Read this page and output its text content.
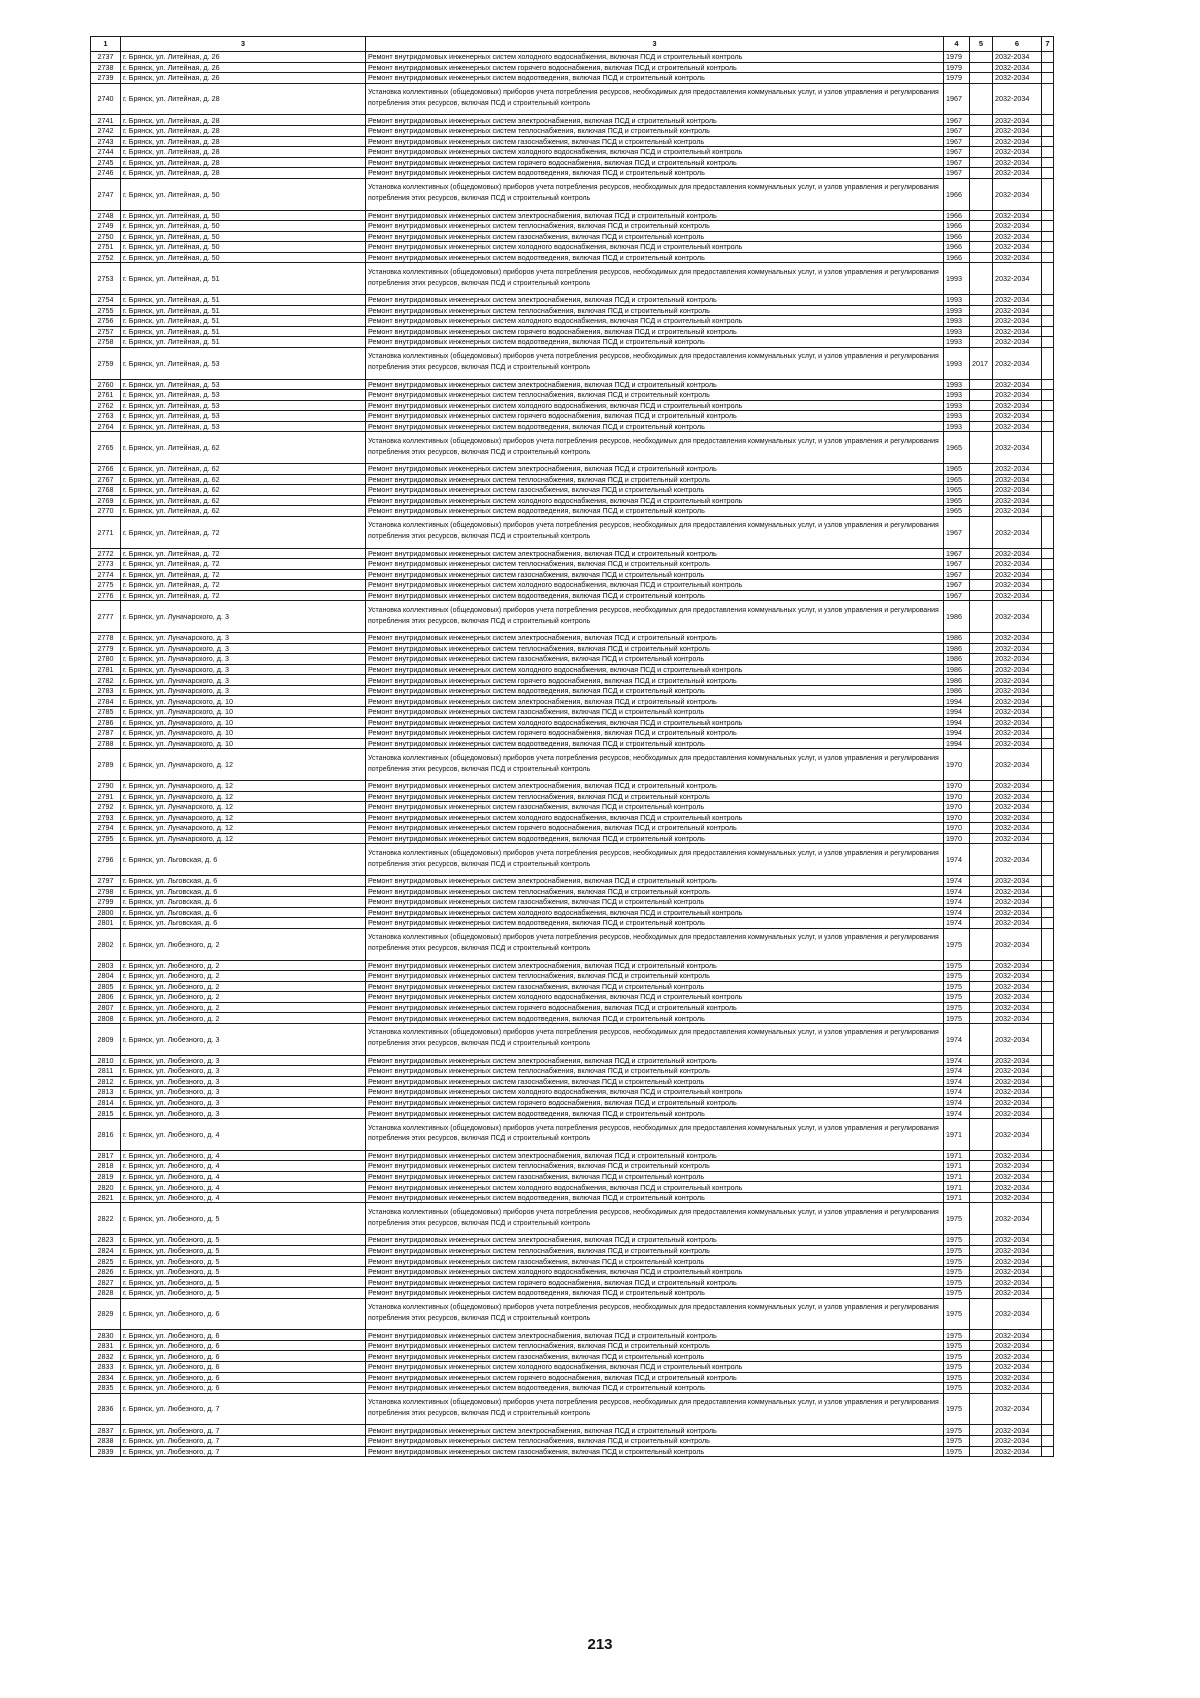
1	3	3	4	5	6	7	
2737	г. Брянск, ул. Литейная, д. 26	Ремонт внутридомовых инженерных систем холодного водоснабжения, включая ПСД и строительный контроль	1979		2032-2034		
2738	г. Брянск, ул. Литейная, д. 26	Ремонт внутридомовых инженерных систем горячего водоснабжения, включая ПСД и строительный контроль	1979		2032-2034		
2739	г. Брянск, ул. Литейная, д. 26	Ремонт внутридомовых инженерных систем водоотведения, включая ПСД и строительный контроль	1979		2032-2034		
2740	г. Брянск, ул. Литейная, д. 28	Установка коллективных (общедомовых) приборов учета потребления ресурсов, необходимых для предоставления коммунальных услуг, и узлов управления и регулирования потребления этих ресурсов, включая ПСД и строительный контроль	1967		2032-2034		
2741	г. Брянск, ул. Литейная, д. 28	Ремонт внутридомовых инженерных систем электроснабжения, включая ПСД и строительный контроль	1967		2032-2034		
2742	г. Брянск, ул. Литейная, д. 28	Ремонт внутридомовых инженерных систем теплоснабжения, включая ПСД и строительный контроль	1967		2032-2034		
2743	г. Брянск, ул. Литейная, д. 28	Ремонт внутридомовых инженерных систем газоснабжения, включая ПСД и строительный контроль	1967		2032-2034		
2744	г. Брянск, ул. Литейная, д. 28	Ремонт внутридомовых инженерных систем холодного водоснабжения, включая ПСД и строительный контроль	1967		2032-2034		
2745	г. Брянск, ул. Литейная, д. 28	Ремонт внутридомовых инженерных систем горячего водоснабжения, включая ПСД и строительный контроль	1967		2032-2034		
2746	г. Брянск, ул. Литейная, д. 28	Ремонт внутридомовых инженерных систем водоотведения, включая ПСД и строительный контроль	1967		2032-2034		
2747	г. Брянск, ул. Литейная, д. 50	Установка коллективных (общедомовых) приборов учета потребления ресурсов, необходимых для предоставления коммунальных услуг, и узлов управления и регулирования потребления этих ресурсов, включая ПСД и строительный контроль	1966		2032-2034		
2748	г. Брянск, ул. Литейная, д. 50	Ремонт внутридомовых инженерных систем электроснабжения, включая ПСД и строительный контроль	1966		2032-2034		
2749	г. Брянск, ул. Литейная, д. 50	Ремонт внутридомовых инженерных систем теплоснабжения, включая ПСД и строительный контроль	1966		2032-2034		
2750	г. Брянск, ул. Литейная, д. 50	Ремонт внутридомовых инженерных систем газоснабжения, включая ПСД и строительный контроль	1966		2032-2034		
2751	г. Брянск, ул. Литейная, д. 50	Ремонт внутридомовых инженерных систем холодного водоснабжения, включая ПСД и строительный контроль	1966		2032-2034		
2752	г. Брянск, ул. Литейная, д. 50	Ремонт внутридомовых инженерных систем водоотведения, включая ПСД и строительный контроль	1966		2032-2034		
2753	г. Брянск, ул. Литейная, д. 51	Установка коллективных (общедомовых) приборов учета потребления ресурсов, необходимых для предоставления коммунальных услуг, и узлов управления и регулирования потребления этих ресурсов, включая ПСД и строительный контроль	1993		2032-2034		
2754	г. Брянск, ул. Литейная, д. 51	Ремонт внутридомовых инженерных систем электроснабжения, включая ПСД и строительный контроль	1993		2032-2034		
2755	г. Брянск, ул. Литейная, д. 51	Ремонт внутридомовых инженерных систем теплоснабжения, включая ПСД и строительный контроль	1993		2032-2034		
2756	г. Брянск, ул. Литейная, д. 51	Ремонт внутридомовых инженерных систем холодного водоснабжения, включая ПСД и строительный контроль	1993		2032-2034		
2757	г. Брянск, ул. Литейная, д. 51	Ремонт внутридомовых инженерных систем горячего водоснабжения, включая ПСД и строительный контроль	1993		2032-2034		
2758	г. Брянск, ул. Литейная, д. 51	Ремонт внутридомовых инженерных систем водоотведения, включая ПСД и строительный контроль	1993		2032-2034		
2759	г. Брянск, ул. Литейная, д. 53	Установка коллективных (общедомовых) приборов учета потребления ресурсов, необходимых для предоставления коммунальных услуг, и узлов управления и регулирования потребления этих ресурсов, включая ПСД и строительный контроль	1993	2017	2032-2034		
2760	г. Брянск, ул. Литейная, д. 53	Ремонт внутридомовых инженерных систем электроснабжения, включая ПСД и строительный контроль	1993		2032-2034		
2761	г. Брянск, ул. Литейная, д. 53	Ремонт внутридомовых инженерных систем теплоснабжения, включая ПСД и строительный контроль	1993		2032-2034		
2762	г. Брянск, ул. Литейная, д. 53	Ремонт внутридомовых инженерных систем холодного водоснабжения, включая ПСД и строительный контроль	1993		2032-2034		
2763	г. Брянск, ул. Литейная, д. 53	Ремонт внутридомовых инженерных систем горячего водоснабжения, включая ПСД и строительный контроль	1993		2032-2034		
2764	г. Брянск, ул. Литейная, д. 53	Ремонт внутридомовых инженерных систем водоотведения, включая ПСД и строительный контроль	1993		2032-2034		
2765	г. Брянск, ул. Литейная, д. 62	Установка коллективных (общедомовых) приборов учета потребления ресурсов, необходимых для предоставления коммунальных услуг, и узлов управления и регулирования потребления этих ресурсов, включая ПСД и строительный контроль	1965		2032-2034		
2766	г. Брянск, ул. Литейная, д. 62	Ремонт внутридомовых инженерных систем электроснабжения, включая ПСД и строительный контроль	1965		2032-2034		
2767	г. Брянск, ул. Литейная, д. 62	Ремонт внутридомовых инженерных систем теплоснабжения, включая ПСД и строительный контроль	1965		2032-2034		
2768	г. Брянск, ул. Литейная, д. 62	Ремонт внутридомовых инженерных систем газоснабжения, включая ПСД и строительный контроль	1965		2032-2034		
2769	г. Брянск, ул. Литейная, д. 62	Ремонт внутридомовых инженерных систем холодного водоснабжения, включая ПСД и строительный контроль	1965		2032-2034		
2770	г. Брянск, ул. Литейная, д. 62	Ремонт внутридомовых инженерных систем водоотведения, включая ПСД и строительный контроль	1965		2032-2034		
2771	г. Брянск, ул. Литейная, д. 72	Установка коллективных (общедомовых) приборов учета потребления ресурсов, необходимых для предоставления коммунальных услуг, и узлов управления и регулирования потребления этих ресурсов, включая ПСД и строительный контроль	1967		2032-2034		
2772	г. Брянск, ул. Литейная, д. 72	Ремонт внутридомовых инженерных систем электроснабжения, включая ПСД и строительный контроль	1967		2032-2034		
2773	г. Брянск, ул. Литейная, д. 72	Ремонт внутридомовых инженерных систем теплоснабжения, включая ПСД и строительный контроль	1967		2032-2034		
2774	г. Брянск, ул. Литейная, д. 72	Ремонт внутридомовых инженерных систем газоснабжения, включая ПСД и строительный контроль	1967		2032-2034		
2775	г. Брянск, ул. Литейная, д. 72	Ремонт внутридомовых инженерных систем холодного водоснабжения, включая ПСД и строительный контроль	1967		2032-2034		
2776	г. Брянск, ул. Литейная, д. 72	Ремонт внутридомовых инженерных систем водоотведения, включая ПСД и строительный контроль	1967		2032-2034		
2777	г. Брянск, ул. Луначарского, д. 3	Установка коллективных (общедомовых) приборов учета потребления ресурсов, необходимых для предоставления коммунальных услуг, и узлов управления и регулирования потребления этих ресурсов, включая ПСД и строительный контроль	1986		2032-2034		
2778	г. Брянск, ул. Луначарского, д. 3	Ремонт внутридомовых инженерных систем электроснабжения, включая ПСД и строительный контроль	1986		2032-2034		
2779	г. Брянск, ул. Луначарского, д. 3	Ремонт внутридомовых инженерных систем теплоснабжения, включая ПСД и строительный контроль	1986		2032-2034		
2780	г. Брянск, ул. Луначарского, д. 3	Ремонт внутридомовых инженерных систем газоснабжения, включая ПСД и строительный контроль	1986		2032-2034		
2781	г. Брянск, ул. Луначарского, д. 3	Ремонт внутридомовых инженерных систем холодного водоснабжения, включая ПСД и строительный контроль	1986		2032-2034		
2782	г. Брянск, ул. Луначарского, д. 3	Ремонт внутридомовых инженерных систем горячего водоснабжения, включая ПСД и строительный контроль	1986		2032-2034		
2783	г. Брянск, ул. Луначарского, д. 3	Ремонт внутридомовых инженерных систем водоотведения, включая ПСД и строительный контроль	1986		2032-2034		
2784	г. Брянск, ул. Луначарского, д. 10	Ремонт внутридомовых инженерных систем электроснабжения, включая ПСД и строительный контроль	1994		2032-2034		
2785	г. Брянск, ул. Луначарского, д. 10	Ремонт внутридомовых инженерных систем газоснабжения, включая ПСД и строительный контроль	1994		2032-2034		
2786	г. Брянск, ул. Луначарского, д. 10	Ремонт внутридомовых инженерных систем холодного водоснабжения, включая ПСД и строительный контроль	1994		2032-2034		
2787	г. Брянск, ул. Луначарского, д. 10	Ремонт внутридомовых инженерных систем горячего водоснабжения, включая ПСД и строительный контроль	1994		2032-2034		
2788	г. Брянск, ул. Луначарского, д. 10	Ремонт внутридомовых инженерных систем водоотведения, включая ПСД и строительный контроль	1994		2032-2034		
2789	г. Брянск, ул. Луначарского, д. 12	Установка коллективных (общедомовых) приборов учета потребления ресурсов, необходимых для предоставления коммунальных услуг, и узлов управления и регулирования потребления этих ресурсов, включая ПСД и строительный контроль	1970		2032-2034		
2790	г. Брянск, ул. Луначарского, д. 12	Ремонт внутридомовых инженерных систем электроснабжения, включая ПСД и строительный контроль	1970		2032-2034		
2791	г. Брянск, ул. Луначарского, д. 12	Ремонт внутридомовых инженерных систем теплоснабжения, включая ПСД и строительный контроль	1970		2032-2034		
2792	г. Брянск, ул. Луначарского, д. 12	Ремонт внутридомовых инженерных систем газоснабжения, включая ПСД и строительный контроль	1970		2032-2034		
2793	г. Брянск, ул. Луначарского, д. 12	Ремонт внутридомовых инженерных систем холодного водоснабжения, включая ПСД и строительный контроль	1970		2032-2034		
2794	г. Брянск, ул. Луначарского, д. 12	Ремонт внутридомовых инженерных систем горячего водоснабжения, включая ПСД и строительный контроль	1970		2032-2034		
2795	г. Брянск, ул. Луначарского, д. 12	Ремонт внутридомовых инженерных систем водоотведения, включая ПСД и строительный контроль	1970		2032-2034		
2796	г. Брянск, ул. Льговская, д. 6	Установка коллективных (общедомовых) приборов учета потребления ресурсов, необходимых для предоставления коммунальных услуг, и узлов управления и регулирования потребления этих ресурсов, включая ПСД и строительный контроль	1974		2032-2034		
2797	г. Брянск, ул. Льговская, д. 6	Ремонт внутридомовых инженерных систем электроснабжения, включая ПСД и строительный контроль	1974		2032-2034		
2798	г. Брянск, ул. Льговская, д. 6	Ремонт внутридомовых инженерных систем теплоснабжения, включая ПСД и строительный контроль	1974		2032-2034		
2799	г. Брянск, ул. Льговская, д. 6	Ремонт внутридомовых инженерных систем газоснабжения, включая ПСД и строительный контроль	1974		2032-2034		
2800	г. Брянск, ул. Льговская, д. 6	Ремонт внутридомовых инженерных систем холодного водоснабжения, включая ПСД и строительный контроль	1974		2032-2034		
2801	г. Брянск, ул. Льговская, д. 6	Ремонт внутридомовых инженерных систем водоотведения, включая ПСД и строительный контроль	1974		2032-2034		
2802	г. Брянск, ул. Любезного, д. 2	Установка коллективных (общедомовых) приборов учета потребления ресурсов, необходимых для предоставления коммунальных услуг, и узлов управления и регулирования потребления этих ресурсов, включая ПСД и строительный контроль	1975		2032-2034		
2803	г. Брянск, ул. Любезного, д. 2	Ремонт внутридомовых инженерных систем электроснабжения, включая ПСД и строительный контроль	1975		2032-2034		
2804	г. Брянск, ул. Любезного, д. 2	Ремонт внутридомовых инженерных систем теплоснабжения, включая ПСД и строительный контроль	1975		2032-2034		
2805	г. Брянск, ул. Любезного, д. 2	Ремонт внутридомовых инженерных систем газоснабжения, включая ПСД и строительный контроль	1975		2032-2034		
2806	г. Брянск, ул. Любезного, д. 2	Ремонт внутридомовых инженерных систем холодного водоснабжения, включая ПСД и строительный контроль	1975		2032-2034		
2807	г. Брянск, ул. Любезного, д. 2	Ремонт внутридомовых инженерных систем горячего водоснабжения, включая ПСД и строительный контроль	1975		2032-2034		
2808	г. Брянск, ул. Любезного, д. 2	Ремонт внутридомовых инженерных систем водоотведения, включая ПСД и строительный контроль	1975		2032-2034		
2809	г. Брянск, ул. Любезного, д. 3	Установка коллективных (общедомовых) приборов учета потребления ресурсов, необходимых для предоставления коммунальных услуг, и узлов управления и регулирования потребления этих ресурсов, включая ПСД и строительный контроль	1974		2032-2034		
2810	г. Брянск, ул. Любезного, д. 3	Ремонт внутридомовых инженерных систем электроснабжения, включая ПСД и строительный контроль	1974		2032-2034		
2811	г. Брянск, ул. Любезного, д. 3	Ремонт внутридомовых инженерных систем теплоснабжения, включая ПСД и строительный контроль	1974		2032-2034		
2812	г. Брянск, ул. Любезного, д. 3	Ремонт внутридомовых инженерных систем газоснабжения, включая ПСД и строительный контроль	1974		2032-2034		
2813	г. Брянск, ул. Любезного, д. 3	Ремонт внутридомовых инженерных систем холодного водоснабжения, включая ПСД и строительный контроль	1974		2032-2034		
2814	г. Брянск, ул. Любезного, д. 3	Ремонт внутридомовых инженерных систем горячего водоснабжения, включая ПСД и строительный контроль	1974		2032-2034		
2815	г. Брянск, ул. Любезного, д. 3	Ремонт внутридомовых инженерных систем водоотведения, включая ПСД и строительный контроль	1974		2032-2034		
2816	г. Брянск, ул. Любезного, д. 4	Установка коллективных (общедомовых) приборов учета потребления ресурсов, необходимых для предоставления коммунальных услуг, и узлов управления и регулирования потребления этих ресурсов, включая ПСД и строительный контроль	1971		2032-2034		
2817	г. Брянск, ул. Любезного, д. 4	Ремонт внутридомовых инженерных систем электроснабжения, включая ПСД и строительный контроль	1971		2032-2034		
2818	г. Брянск, ул. Любезного, д. 4	Ремонт внутридомовых инженерных систем теплоснабжения, включая ПСД и строительный контроль	1971		2032-2034		
2819	г. Брянск, ул. Любезного, д. 4	Ремонт внутридомовых инженерных систем газоснабжения, включая ПСД и строительный контроль	1971		2032-2034		
2820	г. Брянск, ул. Любезного, д. 4	Ремонт внутридомовых инженерных систем холодного водоснабжения, включая ПСД и строительный контроль	1971		2032-2034		
2821	г. Брянск, ул. Любезного, д. 4	Ремонт внутридомовых инженерных систем водоотведения, включая ПСД и строительный контроль	1971		2032-2034		
2822	г. Брянск, ул. Любезного, д. 5	Установка коллективных (общедомовых) приборов учета потребления ресурсов, необходимых для предоставления коммунальных услуг, и узлов управления и регулирования потребления этих ресурсов, включая ПСД и строительный контроль	1975		2032-2034		
2823	г. Брянск, ул. Любезного, д. 5	Ремонт внутридомовых инженерных систем электроснабжения, включая ПСД и строительный контроль	1975		2032-2034		
2824	г. Брянск, ул. Любезного, д. 5	Ремонт внутридомовых инженерных систем теплоснабжения, включая ПСД и строительный контроль	1975		2032-2034		
2825	г. Брянск, ул. Любезного, д. 5	Ремонт внутридомовых инженерных систем газоснабжения, включая ПСД и строительный контроль	1975		2032-2034		
2826	г. Брянск, ул. Любезного, д. 5	Ремонт внутридомовых инженерных систем холодного водоснабжения, включая ПСД и строительный контроль	1975		2032-2034		
2827	г. Брянск, ул. Любезного, д. 5	Ремонт внутридомовых инженерных систем горячего водоснабжения, включая ПСД и строительный контроль	1975		2032-2034		
2828	г. Брянск, ул. Любезного, д. 5	Ремонт внутридомовых инженерных систем водоотведения, включая ПСД и строительный контроль	1975		2032-2034		
2829	г. Брянск, ул. Любезного, д. 6	Установка коллективных (общедомовых) приборов учета потребления ресурсов, необходимых для предоставления коммунальных услуг, и узлов управления и регулирования потребления этих ресурсов, включая ПСД и строительный контроль	1975		2032-2034		
2830	г. Брянск, ул. Любезного, д. 6	Ремонт внутридомовых инженерных систем электроснабжения, включая ПСД и строительный контроль	1975		2032-2034		
2831	г. Брянск, ул. Любезного, д. 6	Ремонт внутридомовых инженерных систем теплоснабжения, включая ПСД и строительный контроль	1975		2032-2034		
2832	г. Брянск, ул. Любезного, д. 6	Ремонт внутридомовых инженерных систем газоснабжения, включая ПСД и строительный контроль	1975		2032-2034		
2833	г. Брянск, ул. Любезного, д. 6	Ремонт внутридомовых инженерных систем холодного водоснабжения, включая ПСД и строительный контроль	1975		2032-2034		
2834	г. Брянск, ул. Любезного, д. 6	Ремонт внутридомовых инженерных систем горячего водоснабжения, включая ПСД и строительный контроль	1975		2032-2034		
2835	г. Брянск, ул. Любезного, д. 6	Ремонт внутридомовых инженерных систем водоотведения, включая ПСД и строительный контроль	1975		2032-2034		
2836	г. Брянск, ул. Любезного, д. 7	Установка коллективных (общедомовых) приборов учета потребления ресурсов, необходимых для предоставления коммунальных услуг, и узлов управления и регулирования потребления этих ресурсов, включая ПСД и строительный контроль	1975		2032-2034		
2837	г. Брянск, ул. Любезного, д. 7	Ремонт внутридомовых инженерных систем электроснабжения, включая ПСД и строительный контроль	1975		2032-2034		
2838	г. Брянск, ул. Любезного, д. 7	Ремонт внутридомовых инженерных систем теплоснабжения, включая ПСД и строительный контроль	1975		2032-2034		
2839	г. Брянск, ул. Любезного, д. 7	Ремонт внутридомовых инженерных систем газоснабжения, включая ПСД и строительный контроль	1975		2032-2034		
213
